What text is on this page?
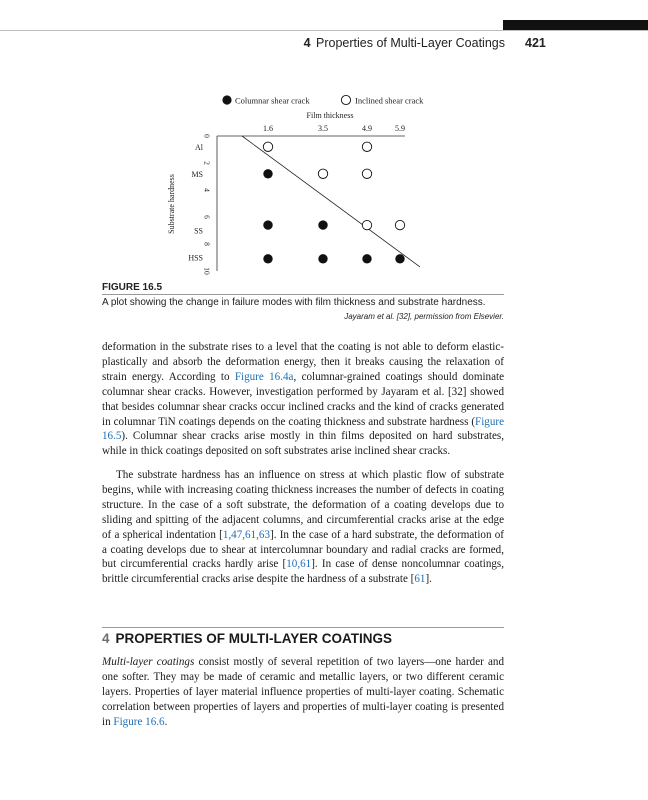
4 Properties of Multi-Layer Coatings 421
Columnar shear crack	Inclined shear crack
Film thickness
1.6	3.5	4.9	5.9
0
2
4
6
8
10
Substrate hardness
Al
MS
SS
HSS
FIGURE 16.5
A plot showing the change in failure modes with film thickness and substrate hardness.
Jayaram et al. [32], permission from Elsevier.
deformation in the substrate rises to a level that the coating is not able to deform elastic-plastically and absorb the deformation energy, then it breaks causing the relaxation of strain energy. According to Figure 16.4a, columnar-grained coatings should dominate columnar shear cracks. However, investigation performed by Jayaram et al. [32] showed that besides columnar shear cracks occur inclined cracks and the kind of cracks generated in columnar TiN coatings depends on the coating thickness and substrate hardness (Figure 16.5). Columnar shear cracks arise mostly in thin films deposited on hard substrates, while in thick coatings deposited on soft substrates arise inclined shear cracks.
The substrate hardness has an influence on stress at which plastic flow of substrate begins, while with increasing coating thickness increases the number of defects in coating structure. In the case of a soft substrate, the deformation of a coating develops due to sliding and spitting of the adjacent columns, and circumferential cracks arise at the edge of a spherical indentation [1,47,61,63]. In the case of a hard substrate, the deformation of a coating develops due to shear at intercolumnar boundary and radial cracks are formed, but circumferential cracks hardly arise [10,61]. In case of dense noncolumnar coatings, brittle circumferential cracks arise despite the hardness of a substrate [61].
4 PROPERTIES OF MULTI-LAYER COATINGS
Multi-layer coatings consist mostly of several repetition of two layers—one harder and one softer. They may be made of ceramic and metallic layers, or two different ceramic layers. Properties of layer material influence properties of multi-layer coating. Schematic correlation between properties of layers and properties of multi-layer coating is presented in Figure 16.6.
